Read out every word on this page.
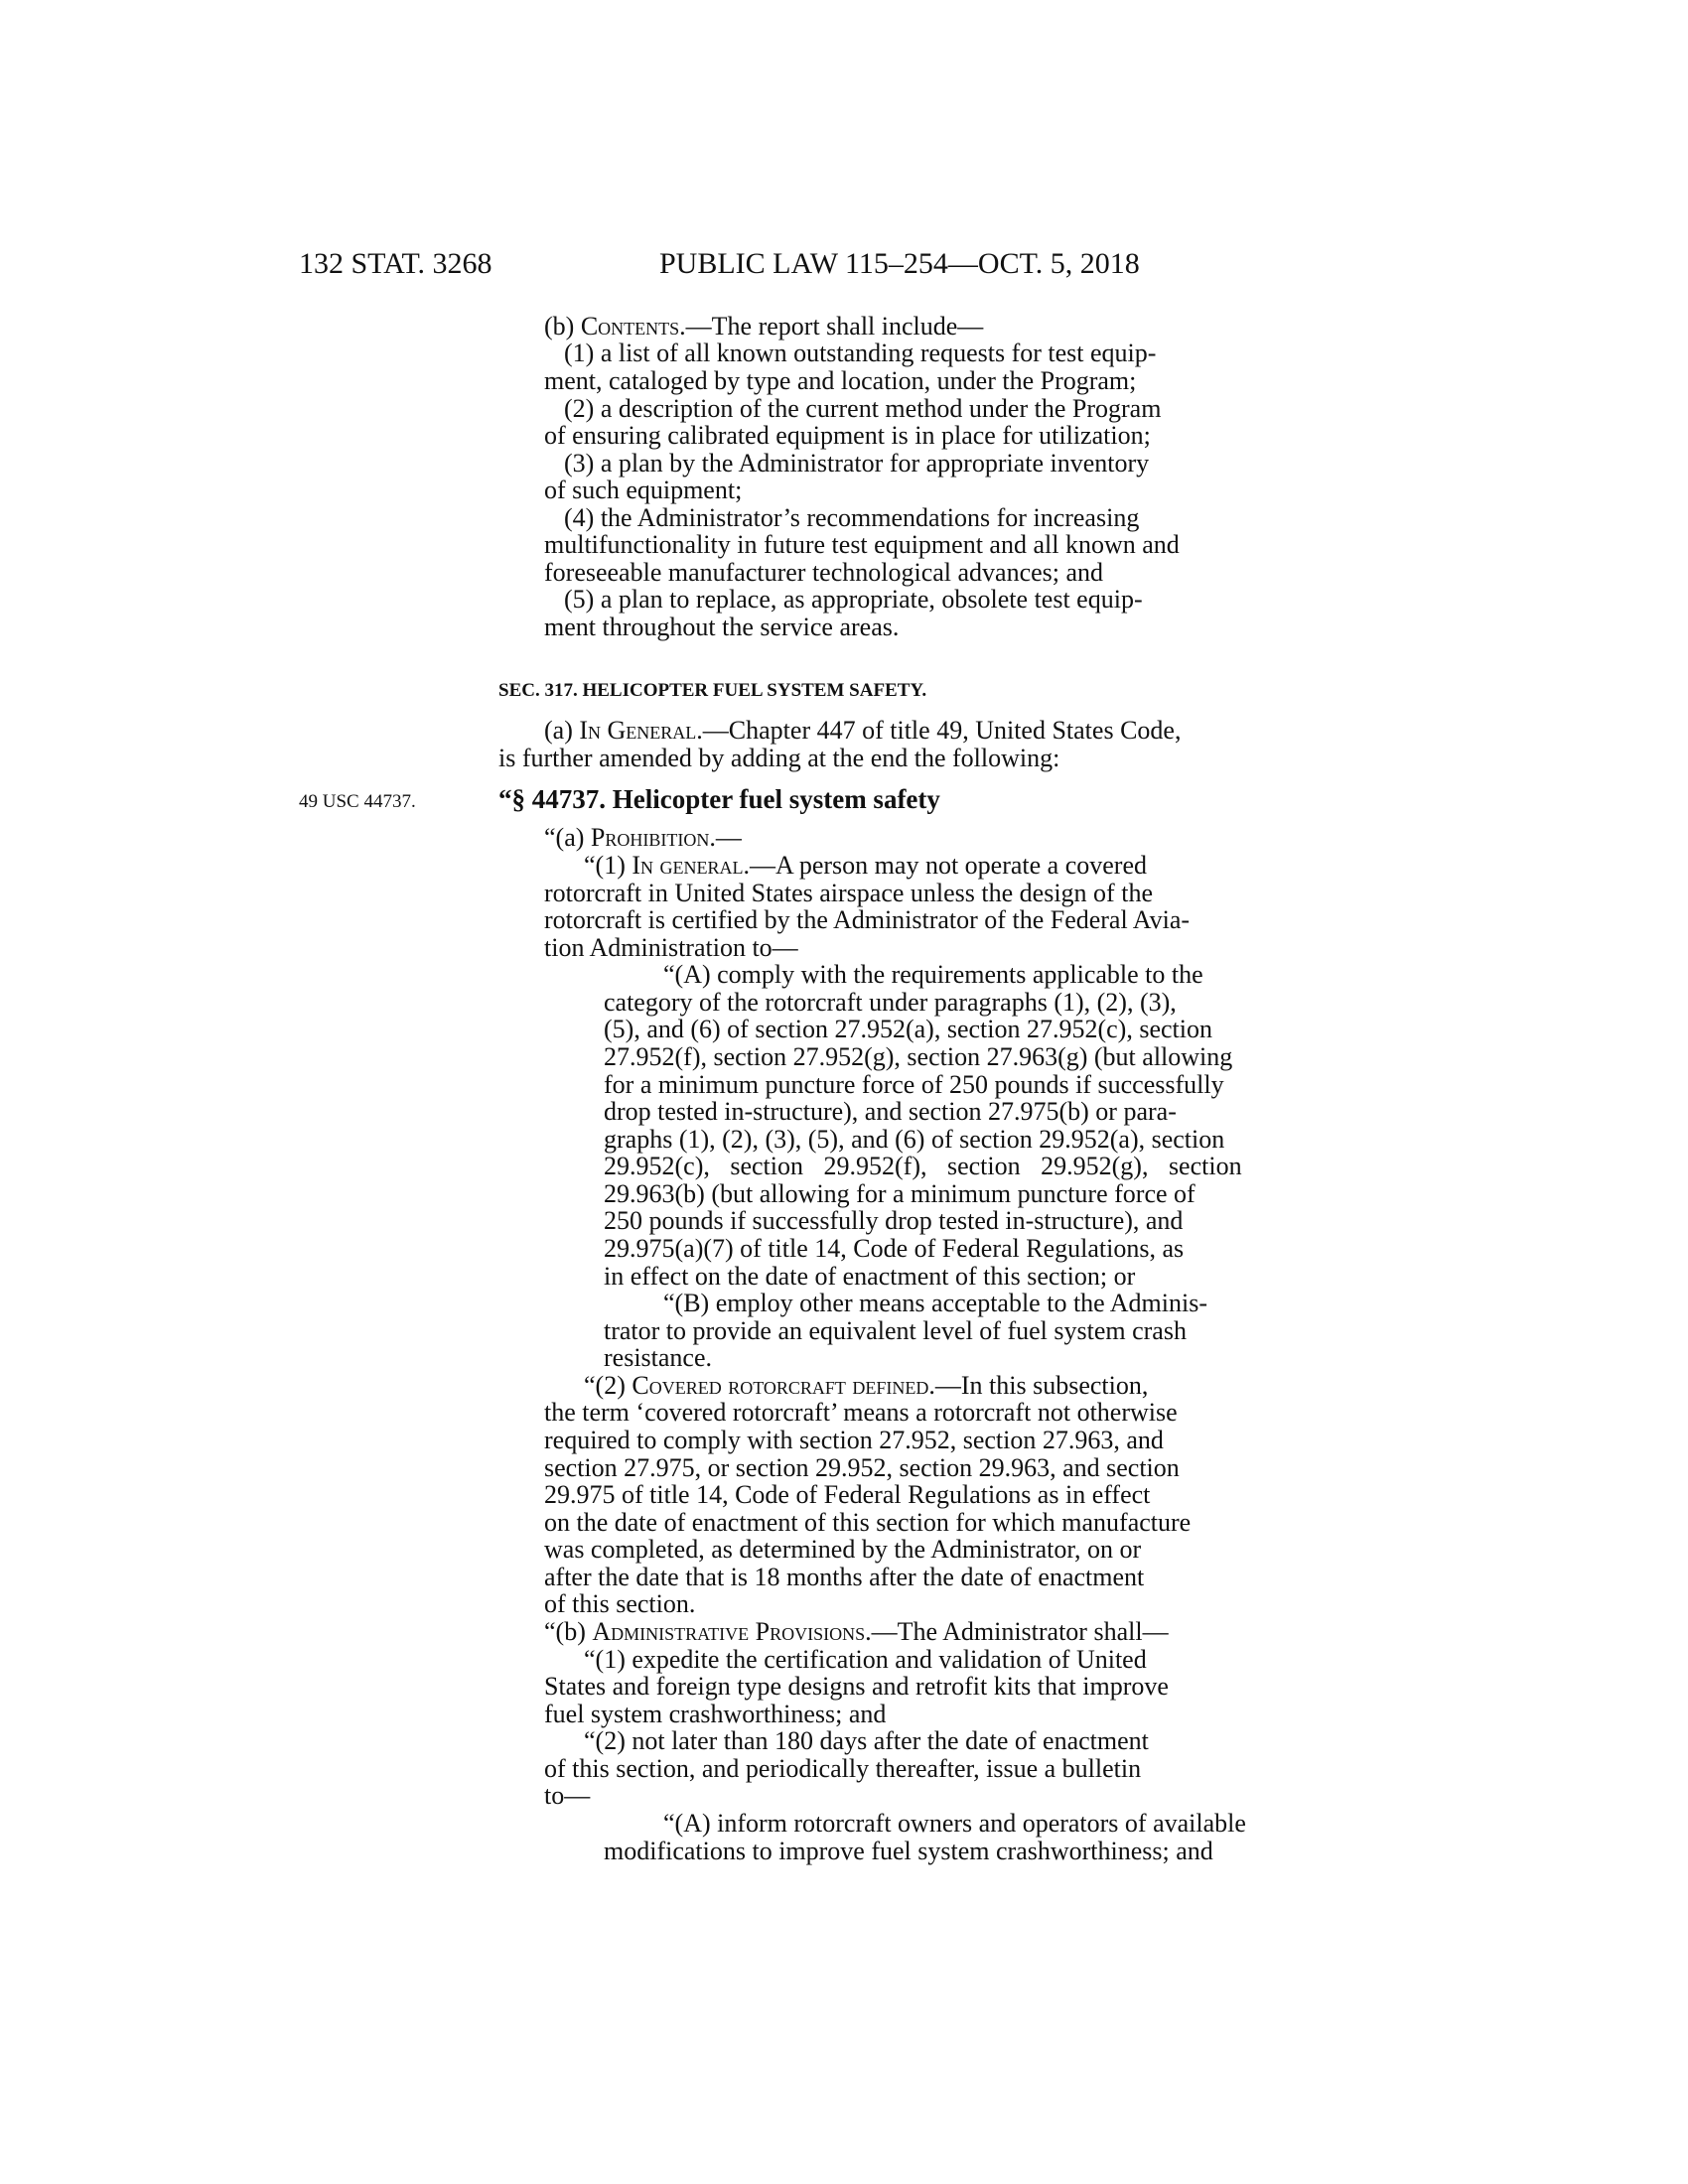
132 STAT. 3268	PUBLIC LAW 115–254—OCT. 5, 2018
(b) Contents.—The report shall include—
(1) a list of all known outstanding requests for test equip-
ment, cataloged by type and location, under the Program;
(2) a description of the current method under the Program
of ensuring calibrated equipment is in place for utilization;
(3) a plan by the Administrator for appropriate inventory
of such equipment;
(4) the Administrator’s recommendations for increasing
multifunctionality in future test equipment and all known and
foreseeable manufacturer technological advances; and
(5) a plan to replace, as appropriate, obsolete test equip-
ment throughout the service areas.
SEC. 317. HELICOPTER FUEL SYSTEM SAFETY.
(a) In General.—Chapter 447 of title 49, United States Code,
is further amended by adding at the end the following:
49 USC 44737.	“§ 44737. Helicopter fuel system safety
“(a) Prohibition.—
“(1) In general.—A person may not operate a covered
rotorcraft in United States airspace unless the design of the
rotorcraft is certified by the Administrator of the Federal Avia-
tion Administration to—
“(A) comply with the requirements applicable to the
category of the rotorcraft under paragraphs (1), (2), (3),
(5), and (6) of section 27.952(a), section 27.952(c), section
27.952(f), section 27.952(g), section 27.963(g) (but allowing
for a minimum puncture force of 250 pounds if successfully
drop tested in-structure), and section 27.975(b) or para-
graphs (1), (2), (3), (5), and (6) of section 29.952(a), section
29.952(c), section 29.952(f), section 29.952(g), section
29.963(b) (but allowing for a minimum puncture force of
250 pounds if successfully drop tested in-structure), and
29.975(a)(7) of title 14, Code of Federal Regulations, as
in effect on the date of enactment of this section; or
“(B) employ other means acceptable to the Adminis-
trator to provide an equivalent level of fuel system crash
resistance.
“(2) Covered rotorcraft defined.—In this subsection,
the term ‘covered rotorcraft’ means a rotorcraft not otherwise
required to comply with section 27.952, section 27.963, and
section 27.975, or section 29.952, section 29.963, and section
29.975 of title 14, Code of Federal Regulations as in effect
on the date of enactment of this section for which manufacture
was completed, as determined by the Administrator, on or
after the date that is 18 months after the date of enactment
of this section.
“(b) Administrative Provisions.—The Administrator shall—
“(1) expedite the certification and validation of United
States and foreign type designs and retrofit kits that improve
fuel system crashworthiness; and
“(2) not later than 180 days after the date of enactment
of this section, and periodically thereafter, issue a bulletin
to—
“(A) inform rotorcraft owners and operators of available
modifications to improve fuel system crashworthiness; and
